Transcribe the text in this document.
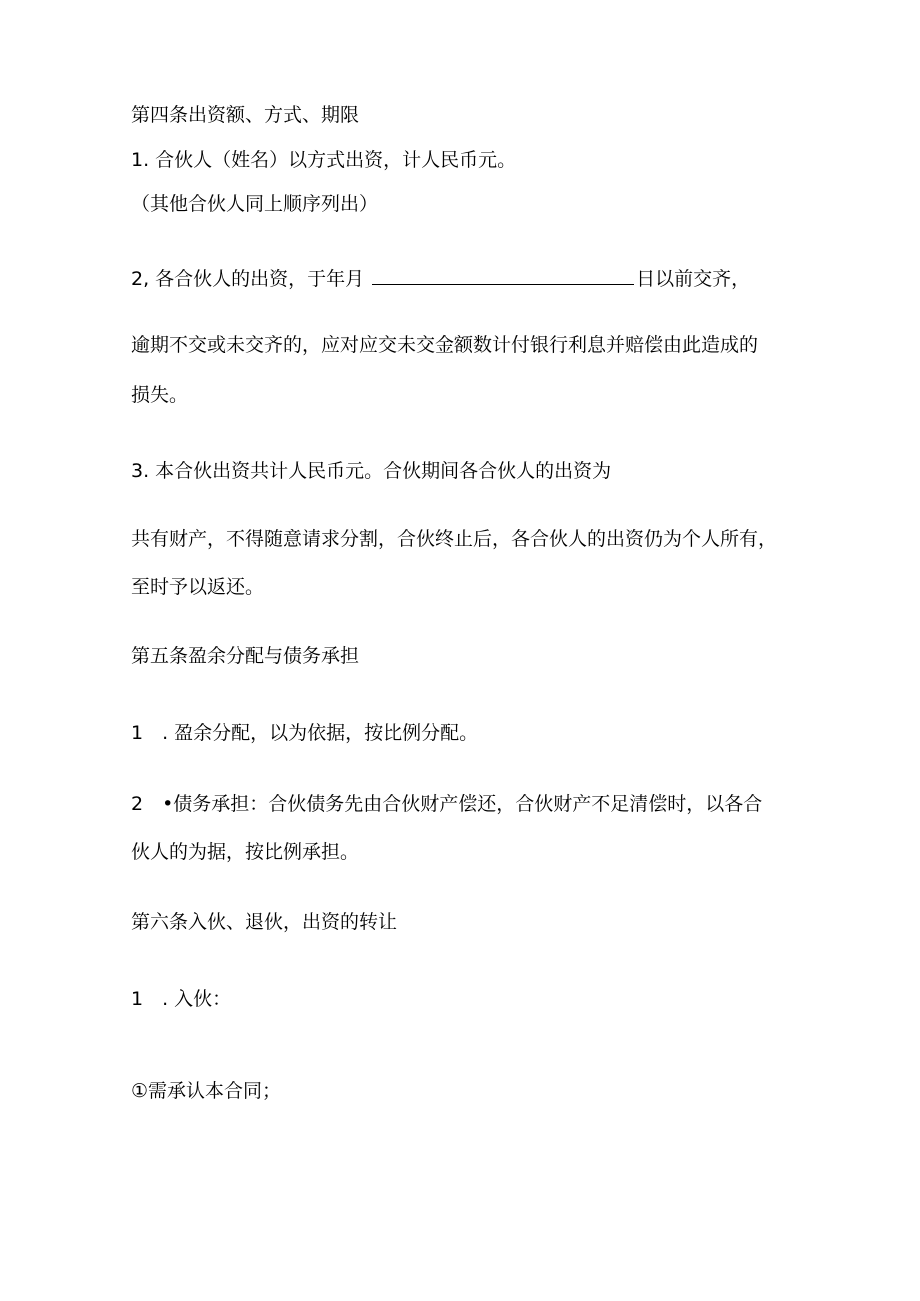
第四条出资额、方式、期限
1. 合伙人（姓名）以方式出资，计人民币元。
（其他合伙人同上顺序列出）
2, 各合伙人的出资，于年月	日以前交齐，
逾期不交或未交齐的，应对应交未交金额数计付银行利息并赔偿由此造成的
损失。
3. 本合伙出资共计人民币元。合伙期间各合伙人的出资为
共有财产，不得随意请求分割，合伙终止后，各合伙人的出资仍为个人所有，
至时予以返还。
第五条盈余分配与债务承担
1　. 盈余分配，以为依据，按比例分配。
2　•债务承担：合伙债务先由合伙财产偿还，合伙财产不足清偿时，以各合
伙人的为据，按比例承担。
第六条入伙、退伙，出资的转让
1　. 入伙：
①需承认本合同；
